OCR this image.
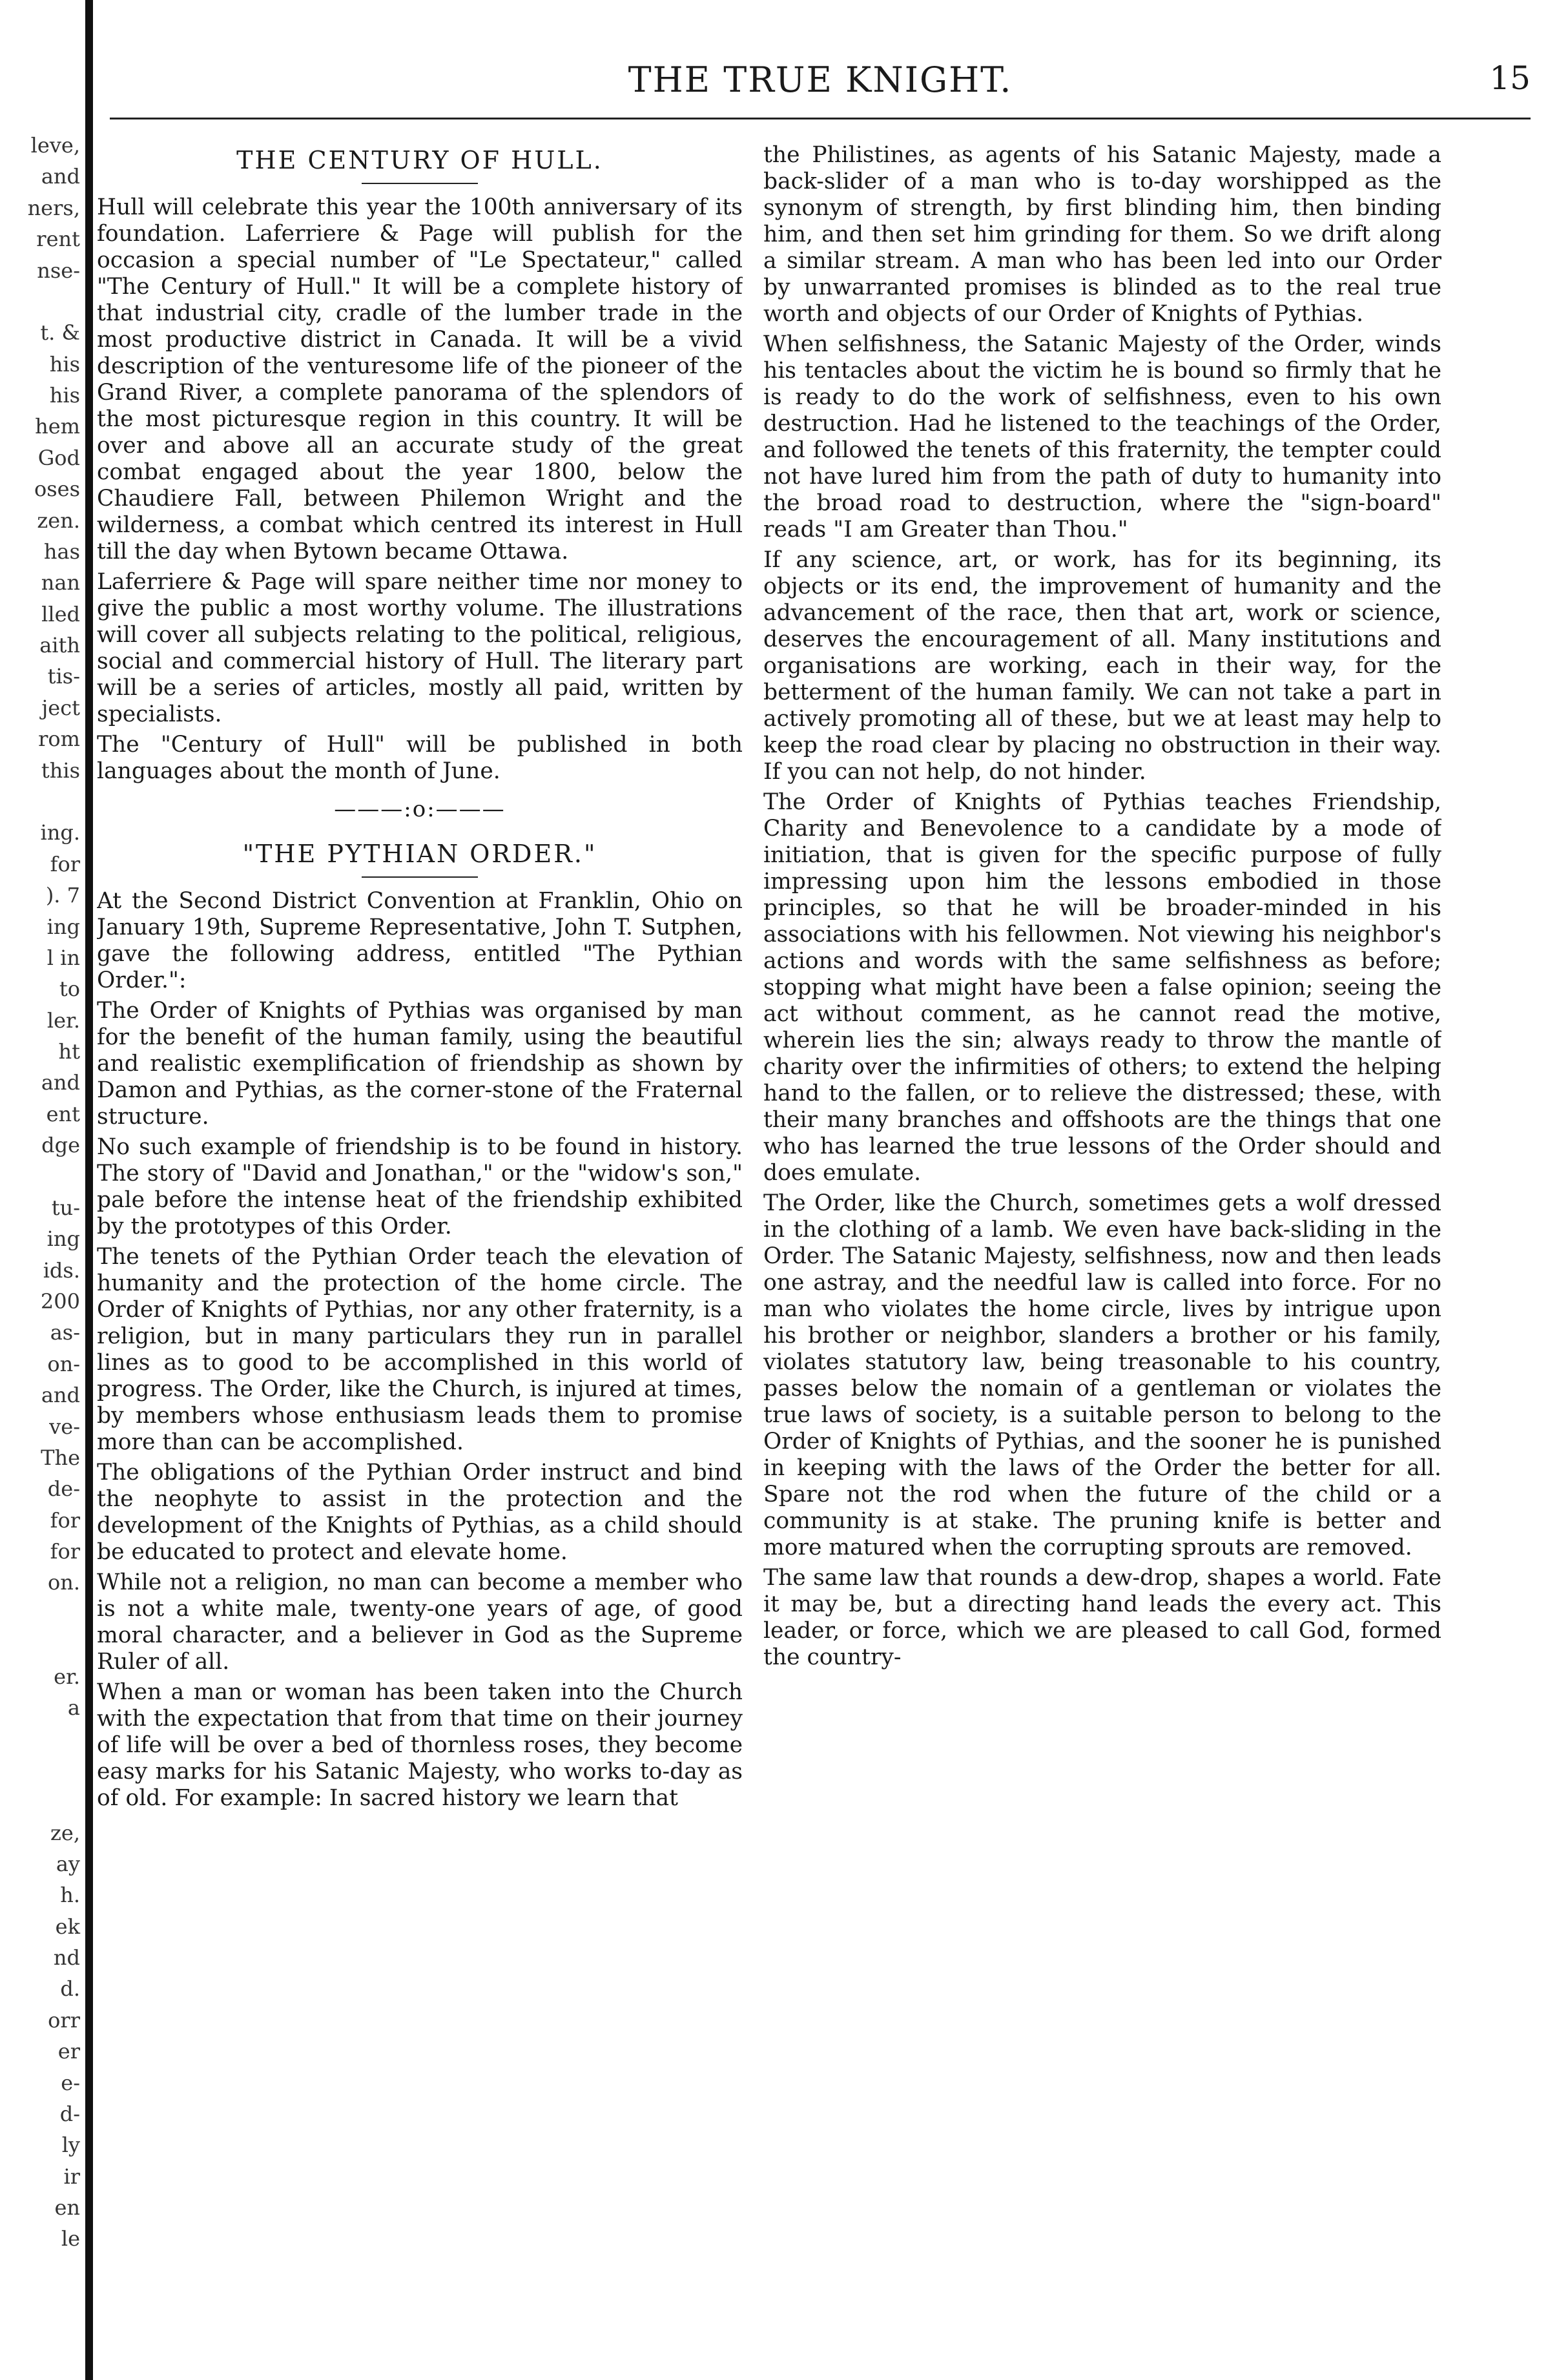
leve,
and
ners,
rent
nse-
t. &
his
his
hem
God
oses
zen.
has
nan
lled
aith
tis-
ject
rom
this
ing.
for
). 7
ing
l in
to
ler.
ht
and
ent
dge
tu-
ing
ids.
200
as-
on-
and
ve-
The
de-
for
for
on.
er.
a
ze,
ay
h.
ek
nd
d.
orr
er
e-
d-
ly
ir
en
le
THE TRUE KNIGHT.	15
THE CENTURY OF HULL.

Hull will celebrate this year the 100th anniversary of its foundation. Laferriere & Page will publish for the occasion a special number of "Le Spectateur," called "The Century of Hull." It will be a complete history of that industrial city, cradle of the lumber trade in the most productive district in Canada. It will be a vivid description of the venturesome life of the pioneer of the Grand River, a complete panorama of the splendors of the most picturesque region in this country. It will be over and above all an accurate study of the great combat engaged about the year 1800, below the Chaudiere Fall, between Philemon Wright and the wilderness, a combat which centred its interest in Hull till the day when Bytown became Ottawa.

Laferriere & Page will spare neither time nor money to give the public a most worthy volume. The illustrations will cover all subjects relating to the political, religious, social and commercial history of Hull. The literary part will be a series of articles, mostly all paid, written by specialists.

The "Century of Hull" will be published in both languages about the month of June.

———:o:———
"THE PYTHIAN ORDER."

At the Second District Convention at Franklin, Ohio on January 19th, Supreme Representative, John T. Sutphen, gave the following address, entitled "The Pythian Order.":

The Order of Knights of Pythias was organised by man for the benefit of the human family, using the beautiful and realistic exemplification of friendship as shown by Damon and Pythias, as the corner-stone of the Fraternal structure.

No such example of friendship is to be found in history. The story of "David and Jonathan," or the "widow's son," pale before the intense heat of the friendship exhibited by the prototypes of this Order.

The tenets of the Pythian Order teach the elevation of humanity and the protection of the home circle. The Order of Knights of Pythias, nor any other fraternity, is a religion, but in many particulars they run in parallel lines as to good to be accomplished in this world of progress. The Order, like the Church, is injured at times, by members whose enthusiasm leads them to promise more than can be accomplished.

The obligations of the Pythian Order instruct and bind the neophyte to assist in the protection and the development of the Knights of Pythias, as a child should be educated to protect and elevate home.

While not a religion, no man can become a member who is not a white male, twenty-one years of age, of good moral character, and a believer in God as the Supreme Ruler of all.

When a man or woman has been taken into the Church with the expectation that from that time on their journey of life will be over a bed of thornless roses, they become easy marks for his Satanic Majesty, who works to-day as of old. For example: In sacred history we learn that

the Philistines, as agents of his Satanic Majesty, made a back-slider of a man who is to-day worshipped as the synonym of strength, by first blinding him, then binding him, and then set him grinding for them. So we drift along a similar stream. A man who has been led into our Order by unwarranted promises is blinded as to the real true worth and objects of our Order of Knights of Pythias.

When selfishness, the Satanic Majesty of the Order, winds his tentacles about the victim he is bound so firmly that he is ready to do the work of selfishness, even to his own destruction. Had he listened to the teachings of the Order, and followed the tenets of this fraternity, the tempter could not have lured him from the path of duty to humanity into the broad road to destruction, where the "sign-board" reads "I am Greater than Thou."

If any science, art, or work, has for its beginning, its objects or its end, the improvement of humanity and the advancement of the race, then that art, work or science, deserves the encouragement of all. Many institutions and organisations are working, each in their way, for the betterment of the human family. We can not take a part in actively promoting all of these, but we at least may help to keep the road clear by placing no obstruction in their way. If you can not help, do not hinder.

The Order of Knights of Pythias teaches Friendship, Charity and Benevolence to a candidate by a mode of initiation, that is given for the specific purpose of fully impressing upon him the lessons embodied in those principles, so that he will be broader-minded in his associations with his fellowmen. Not viewing his neighbor's actions and words with the same selfishness as before; stopping what might have been a false opinion; seeing the act without comment, as he cannot read the motive, wherein lies the sin; always ready to throw the mantle of charity over the infirmities of others; to extend the helping hand to the fallen, or to relieve the distressed; these, with their many branches and offshoots are the things that one who has learned the true lessons of the Order should and does emulate.

The Order, like the Church, sometimes gets a wolf dressed in the clothing of a lamb. We even have back-sliding in the Order. The Satanic Majesty, selfishness, now and then leads one astray, and the needful law is called into force. For no man who violates the home circle, lives by intrigue upon his brother or neighbor, slanders a brother or his family, violates statutory law, being treasonable to his country, passes below the nomain of a gentleman or violates the true laws of society, is a suitable person to belong to the Order of Knights of Pythias, and the sooner he is punished in keeping with the laws of the Order the better for all. Spare not the rod when the future of the child or a community is at stake. The pruning knife is better and more matured when the corrupting sprouts are removed.

The same law that rounds a dew-drop, shapes a world. Fate it may be, but a directing hand leads the every act. This leader, or force, which we are pleased to call God, formed the country-
